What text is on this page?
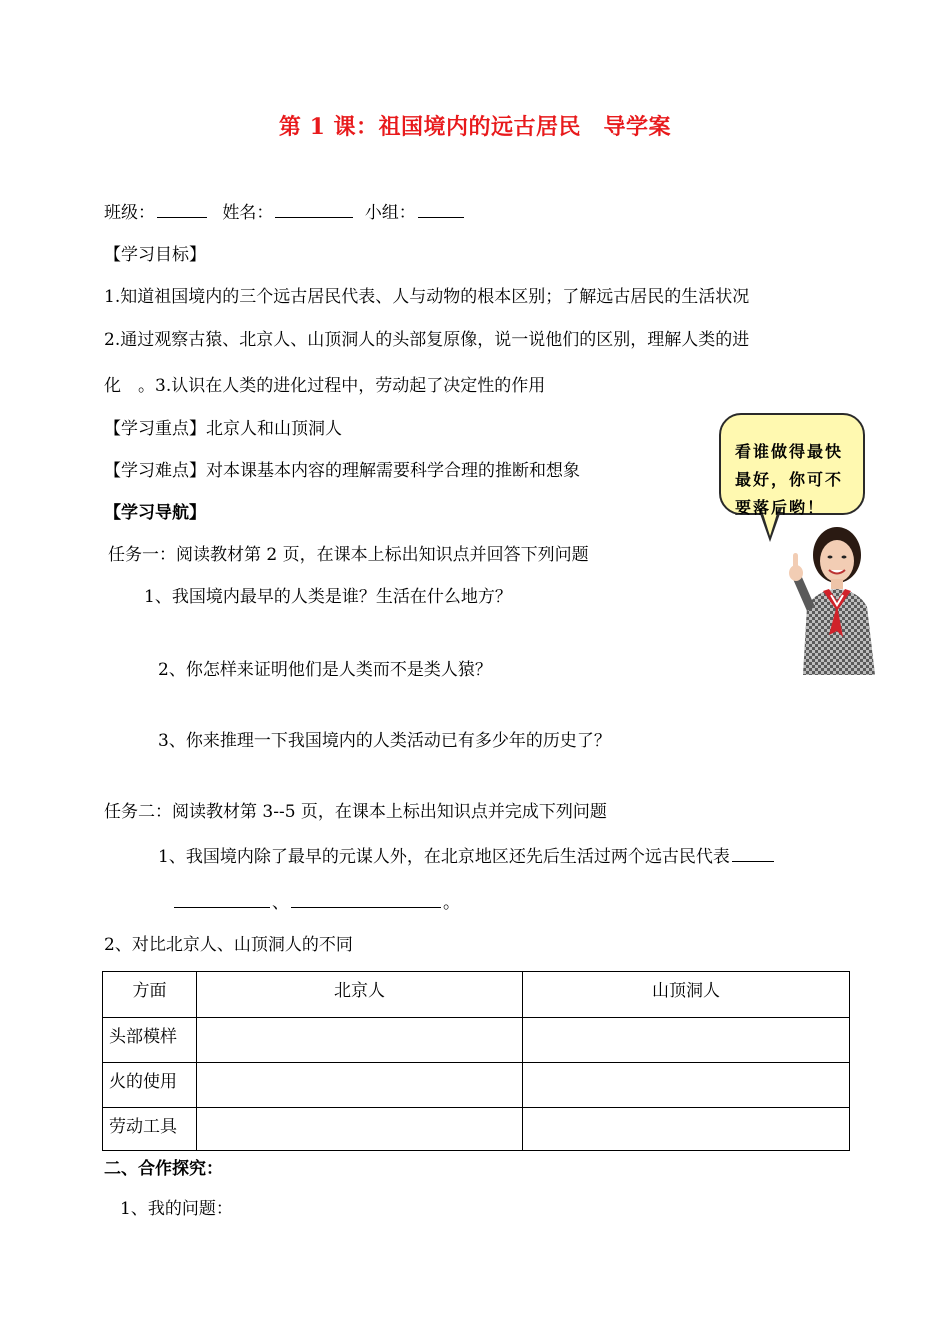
第 1 课：祖国境内的远古居民　导学案
班级：	姓名：	小组：
【学习目标】
1.知道祖国境内的三个远古居民代表、人与动物的根本区别；了解远古居民的生活状况
2.通过观察古猿、北京人、山顶洞人的头部复原像，说一说他们的区别，理解人类的进
化　。3.认识在人类的进化过程中，劳动起了决定性的作用
【学习重点】北京人和山顶洞人
【学习难点】对本课基本内容的理解需要科学合理的推断和想象
【学习导航】
任务一：阅读教材第 2 页，在课本上标出知识点并回答下列问题
1、我国境内最早的人类是谁？生活在什么地方？
2、你怎样来证明他们是人类而不是类人猿？
3、你来推理一下我国境内的人类活动已有多少年的历史了？
任务二：阅读教材第 3--5 页，在课本上标出知识点并完成下列问题
1、我国境内除了最早的元谋人外，在北京地区还先后生活过两个远古民代表
、	。
2、对比北京人、山顶洞人的不同
方面	北京人	山顶洞人
头部模样		
火的使用		
劳动工具		
二、合作探究：
1、我的问题：
看谁做得最快最好，你可不要落后哟！
